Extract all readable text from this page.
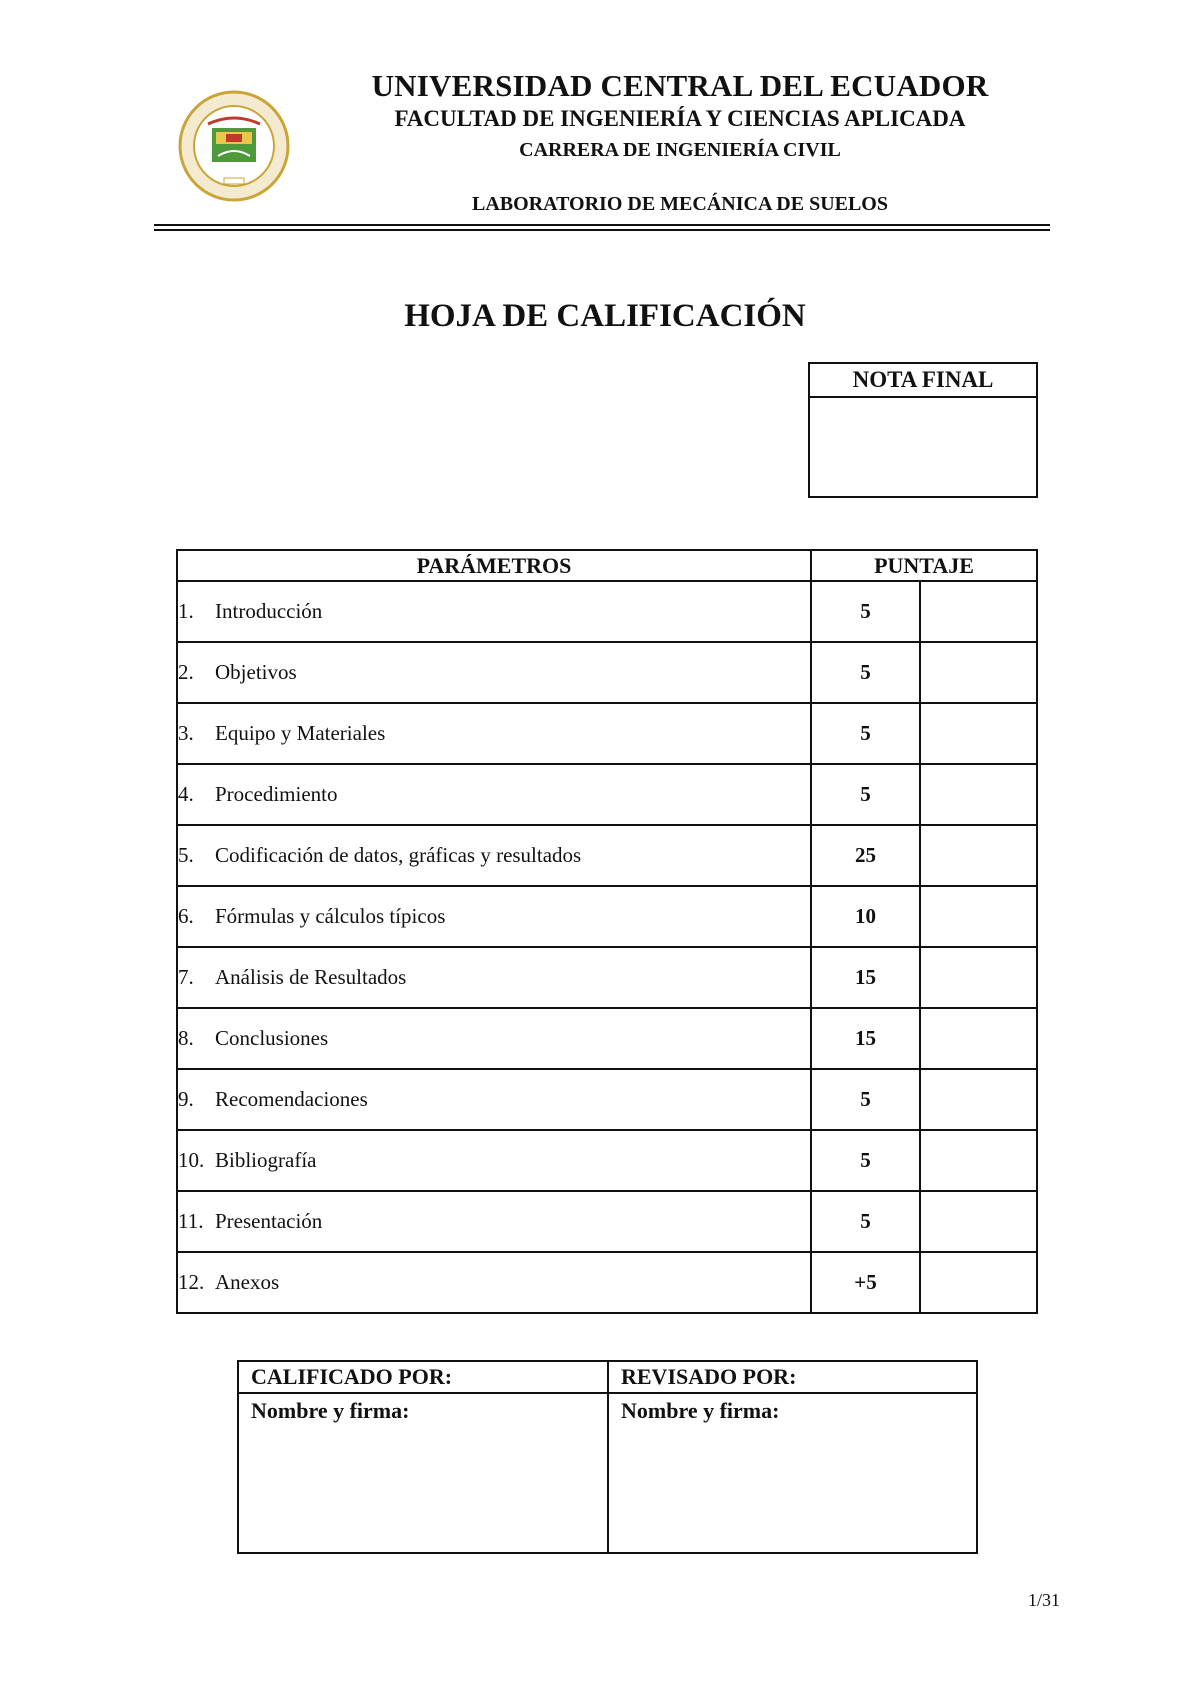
UNIVERSIDAD CENTRAL DEL ECUADOR
FACULTAD DE INGENIERÍA Y CIENCIAS APLICADA
CARRERA DE INGENIERÍA CIVIL
LABORATORIO DE MECÁNICA DE SUELOS
HOJA DE CALIFICACIÓN
NOTA FINAL
PARÁMETROS	PUNTAJE	
1. Introducción	5	
2. Objetivos	5	
3. Equipo y Materiales	5	
4. Procedimiento	5	
5. Codificación de datos, gráficas y resultados	25	
6. Fórmulas y cálculos típicos	10	
7. Análisis de Resultados	15	
8. Conclusiones	15	
9. Recomendaciones	5	
10. Bibliografía	5	
11. Presentación	5	
12. Anexos	+5	
CALIFICADO POR:	REVISADO POR:
Nombre y firma:	Nombre y firma:
1/31
